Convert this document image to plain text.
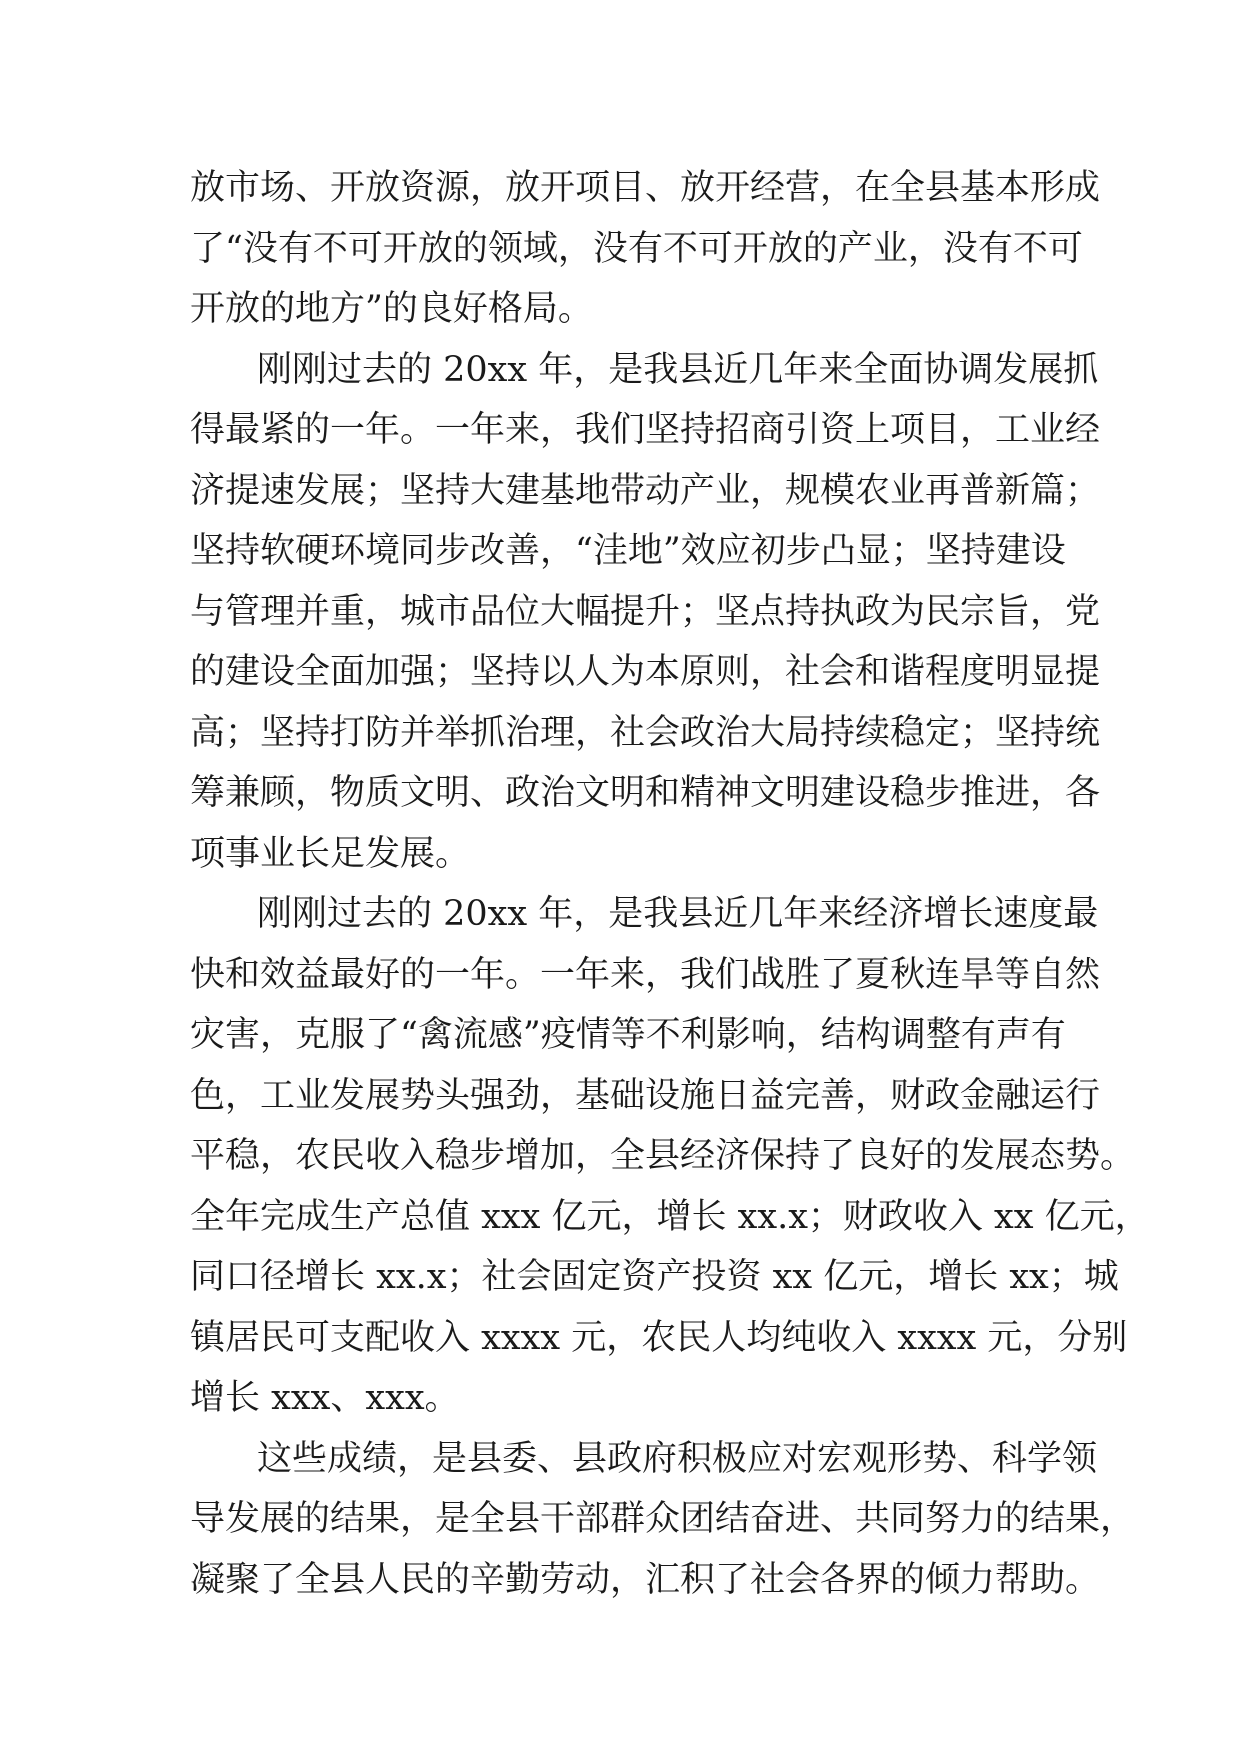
放市场、开放资源，放开项目、放开经营，在全县基本形成
了“没有不可开放的领域，没有不可开放的产业，没有不可
开放的地方”的良好格局。
刚刚过去的 20xx 年，是我县近几年来全面协调发展抓
得最紧的一年。一年来，我们坚持招商引资上项目，工业经
济提速发展；坚持大建基地带动产业，规模农业再普新篇；
坚持软硬环境同步改善，“洼地”效应初步凸显；坚持建设
与管理并重，城市品位大幅提升；坚点持执政为民宗旨，党
的建设全面加强；坚持以人为本原则，社会和谐程度明显提
高；坚持打防并举抓治理，社会政治大局持续稳定；坚持统
筹兼顾，物质文明、政治文明和精神文明建设稳步推进，各
项事业长足发展。
刚刚过去的 20xx 年，是我县近几年来经济增长速度最
快和效益最好的一年。一年来，我们战胜了夏秋连旱等自然
灾害，克服了“禽流感”疫情等不利影响，结构调整有声有
色，工业发展势头强劲，基础设施日益完善，财政金融运行
平稳，农民收入稳步增加，全县经济保持了良好的发展态势。
全年完成生产总值 xxx 亿元，增长 xx.x；财政收入 xx 亿元，
同口径增长 xx.x；社会固定资产投资 xx 亿元，增长 xx；城
镇居民可支配收入 xxxx 元，农民人均纯收入 xxxx 元，分别
增长 xxx、xxx。
这些成绩，是县委、县政府积极应对宏观形势、科学领
导发展的结果，是全县干部群众团结奋进、共同努力的结果，
凝聚了全县人民的辛勤劳动，汇积了社会各界的倾力帮助。
